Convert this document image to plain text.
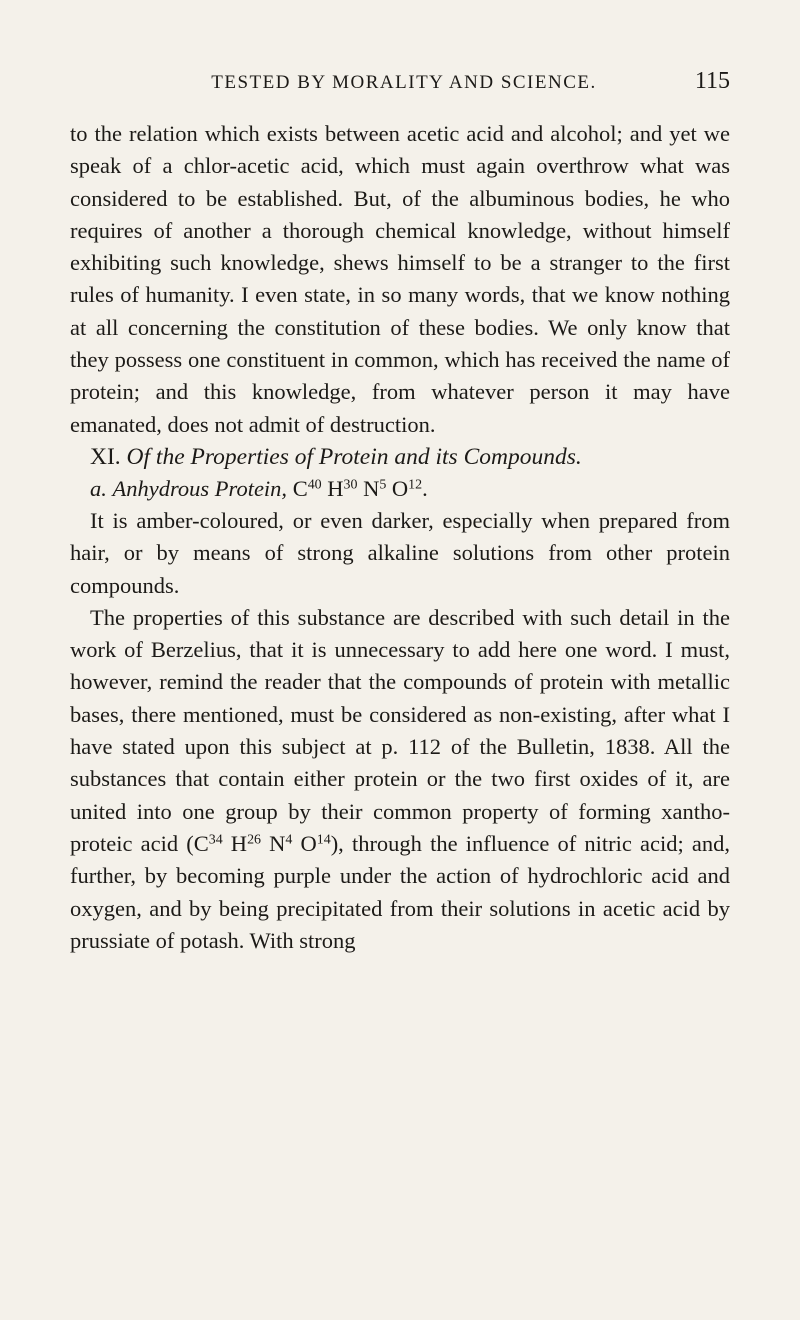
TESTED BY MORALITY AND SCIENCE.	115

to the relation which exists between acetic acid and alcohol; and yet we speak of a chlor-acetic acid, which must again overthrow what was considered to be established. But, of the albuminous bodies, he who requires of another a thorough chemical knowledge, without himself exhibiting such knowledge, shews himself to be a stranger to the first rules of humanity. I even state, in so many words, that we know nothing at all concerning the constitution of these bodies. We only know that they possess one constituent in common, which has received the name of protein; and this knowledge, from whatever person it may have emanated, does not admit of destruction.

XI. Of the Properties of Protein and its Compounds.

a. Anhydrous Protein, $C^{40}$ $H^{30}$ $N^5$ $O^{12}$.

It is amber-coloured, or even darker, especially when prepared from hair, or by means of strong alkaline solutions from other protein compounds.

The properties of this substance are described with such detail in the work of Berzelius, that it is unnecessary to add here one word. I must, however, remind the reader that the compounds of protein with metallic bases, there mentioned, must be considered as non-existing, after what I have stated upon this subject at p. 112 of the Bulletin, 1838. All the substances that contain either protein or the two first oxides of it, are united into one group by their common property of forming xantho-proteic acid ($C^{34}$ $H^{26}$ $N^4$ $O^{14}$), through the influence of nitric acid; and, further, by becoming purple under the action of hydrochloric acid and oxygen, and by being precipitated from their solutions in acetic acid by prussiate of potash. With strong
